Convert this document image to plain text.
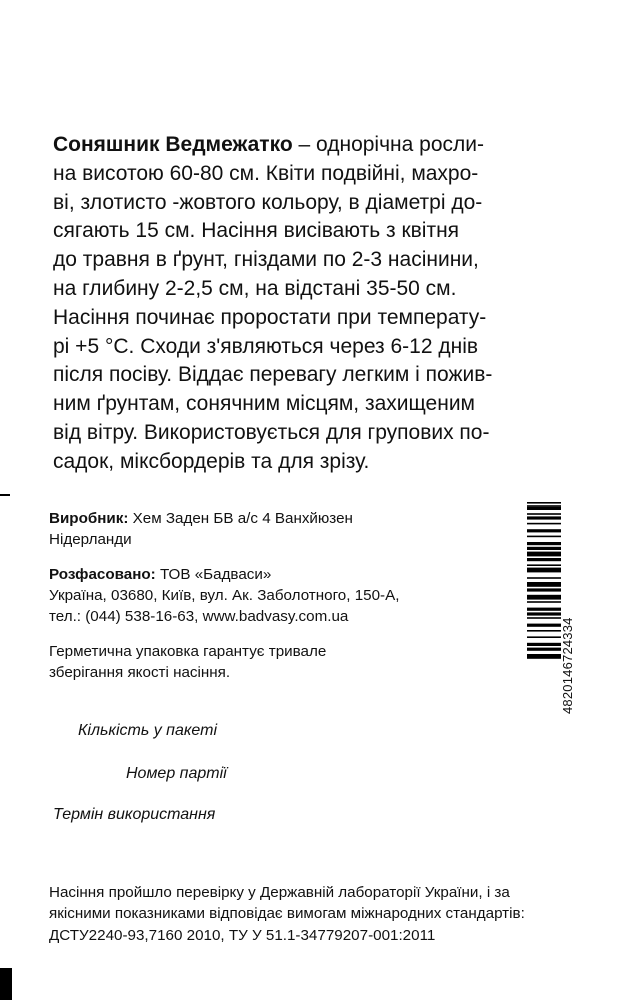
Соняшник Ведмежатко – однорічна росли-
на висотою 60-80 см. Квіти подвійні, махро-
ві, злотисто -жовтого кольору, в діаметрі до-
сягають 15 см. Насіння висівають з квітня
до травня в ґрунт, гніздами по 2-3 насінини,
на глибину 2-2,5 см, на відстані 35-50 см.
Насіння починає проростати при температу-
рі +5 °С. Сходи з'являються через 6-12 днів
після посіву. Віддає перевагу легким і пожив-
ним ґрунтам, сонячним місцям, захищеним
від вітру. Використовується для групових по-
садок, міксбордерів та для зрізу.
Виробник: Хем Заден БВ а/с 4 Ванхйюзен
Нідерланди
Розфасовано: ТОВ «Бадваси»
Україна, 03680, Київ, вул. Ак. Заболотного, 150-А,
тел.: (044) 538-16-63, www.badvasy.com.ua
Герметична упаковка гарантує тривале
зберігання якості насіння.
Кількість у пакеті
Номер партії
Термін використання
Насіння пройшло перевірку у Державній лабораторії України, і за
якісними показниками відповідає вимогам міжнародних стандартів:
ДСТУ2240-93,7160 2010, ТУ У 51.1-34779207-001:2011
4820146724334
